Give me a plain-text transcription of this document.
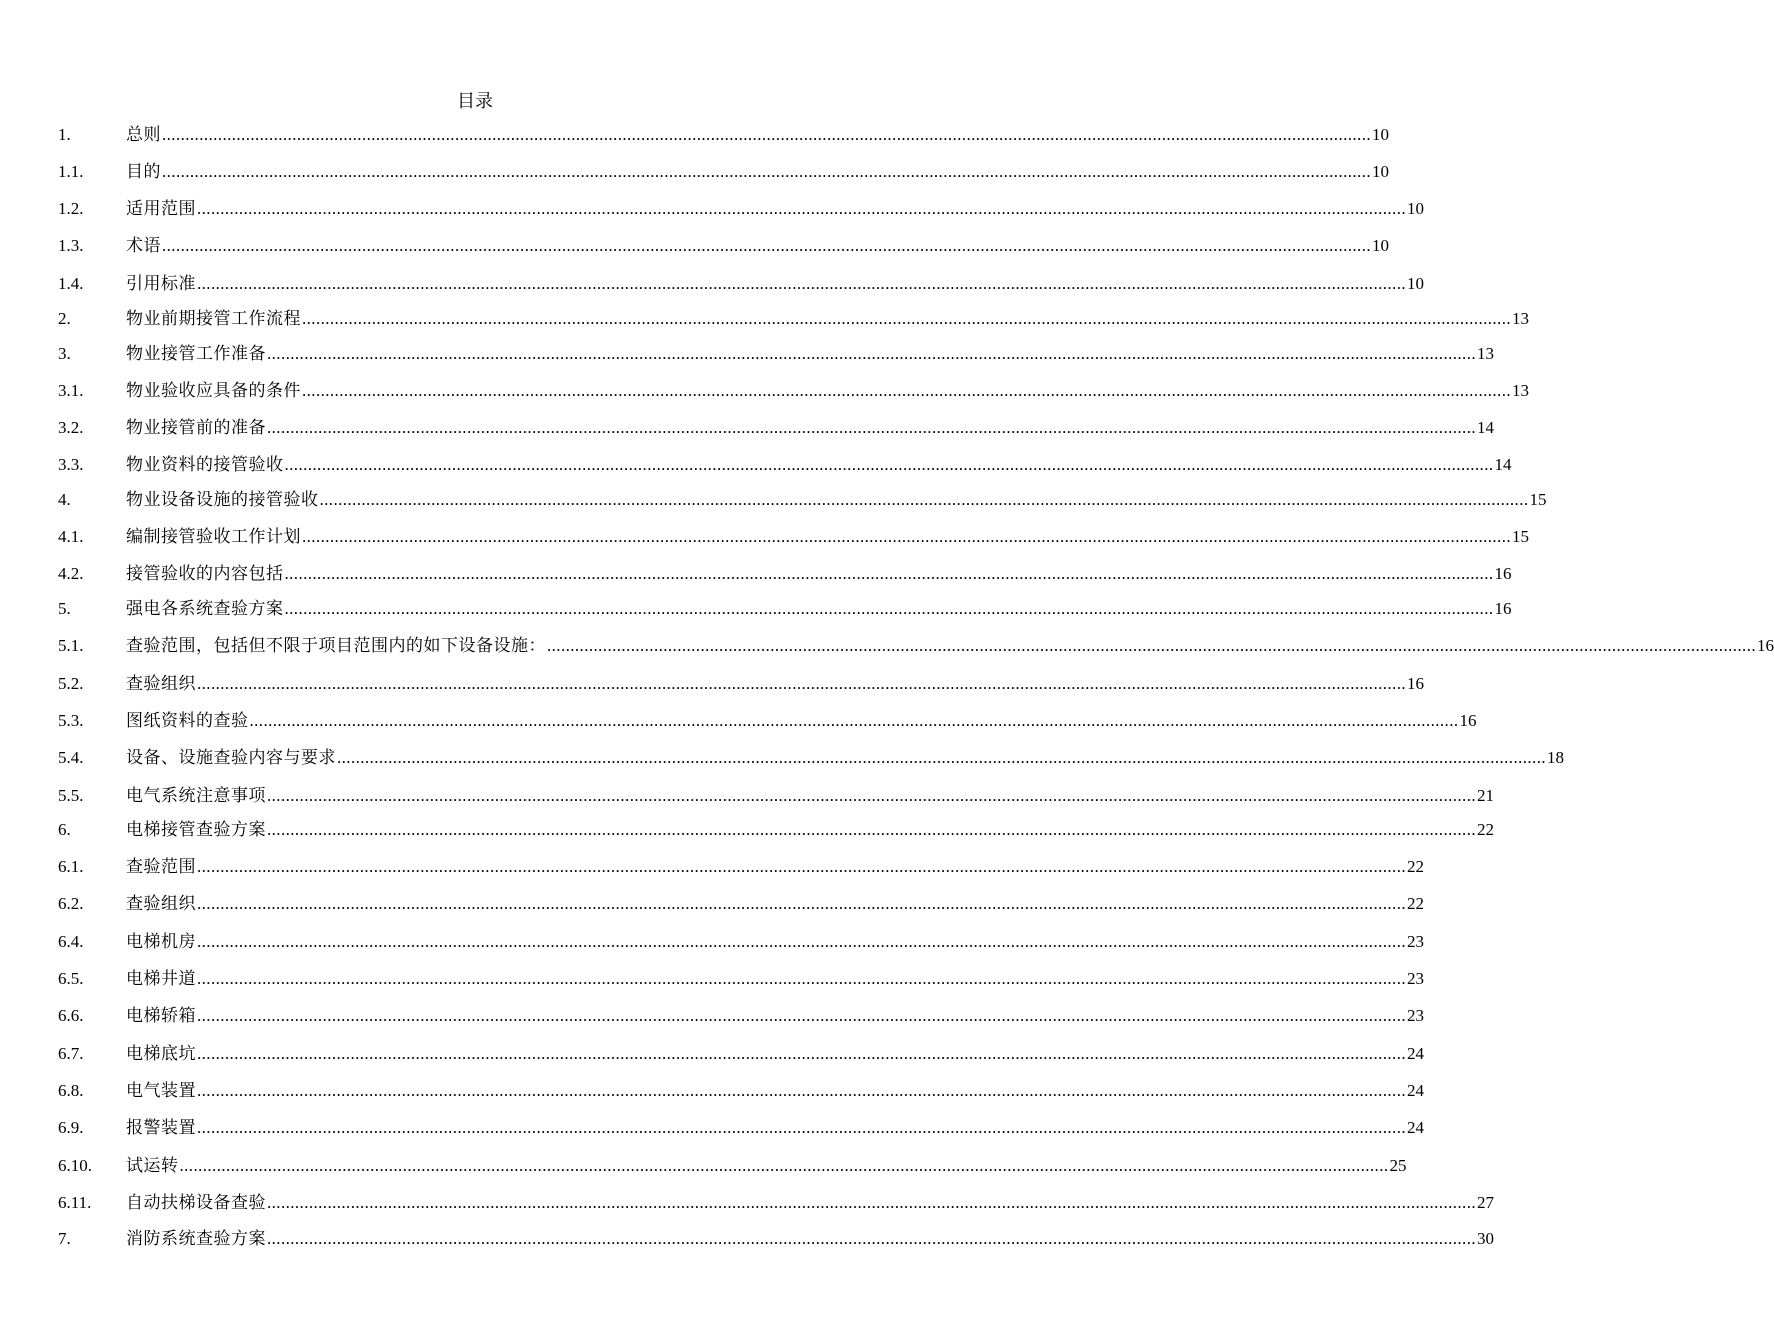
目录
1.	总则 .................................................................................................................................................................................................................................................................... 10
1.1.	目的 .................................................................................................................................................................................................................................................................... 10
1.2.	适用范围 .................................................................................................................................................................................................................................................................... 10
1.3.	术语 .................................................................................................................................................................................................................................................................... 10
1.4.	引用标准 .................................................................................................................................................................................................................................................................... 10
2.	物业前期接管工作流程 .................................................................................................................................................................................................................................................................... 13
3.	物业接管工作准备 .................................................................................................................................................................................................................................................................... 13
3.1.	物业验收应具备的条件 .................................................................................................................................................................................................................................................................... 13
3.2.	物业接管前的准备 .................................................................................................................................................................................................................................................................... 14
3.3.	物业资料的接管验收 .................................................................................................................................................................................................................................................................... 14
4.	物业设备设施的接管验收 .................................................................................................................................................................................................................................................................... 15
4.1.	编制接管验收工作计划 .................................................................................................................................................................................................................................................................... 15
4.2.	接管验收的内容包括 .................................................................................................................................................................................................................................................................... 16
5.	强电各系统查验方案 .................................................................................................................................................................................................................................................................... 16
5.1.	查验范围，包括但不限于项目范围内的如下设备设施： .................................................................................................................................................................................................................................................................... 16
5.2.	查验组织 .................................................................................................................................................................................................................................................................... 16
5.3.	图纸资料的查验 .................................................................................................................................................................................................................................................................... 16
5.4.	设备、设施查验内容与要求 .................................................................................................................................................................................................................................................................... 18
5.5.	电气系统注意事项 .................................................................................................................................................................................................................................................................... 21
6.	电梯接管查验方案 .................................................................................................................................................................................................................................................................... 22
6.1.	查验范围 .................................................................................................................................................................................................................................................................... 22
6.2.	查验组织 .................................................................................................................................................................................................................................................................... 22
6.4.	电梯机房 .................................................................................................................................................................................................................................................................... 23
6.5.	电梯井道 .................................................................................................................................................................................................................................................................... 23
6.6.	电梯轿箱 .................................................................................................................................................................................................................................................................... 23
6.7.	电梯底坑 .................................................................................................................................................................................................................................................................... 24
6.8.	电气装置 .................................................................................................................................................................................................................................................................... 24
6.9.	报警装置 .................................................................................................................................................................................................................................................................... 24
6.10. 试运转 .................................................................................................................................................................................................................................................................... 25
6.11. 自动扶梯设备查验 .................................................................................................................................................................................................................................................................... 27
7.	消防系统查验方案 .................................................................................................................................................................................................................................................................... 30
